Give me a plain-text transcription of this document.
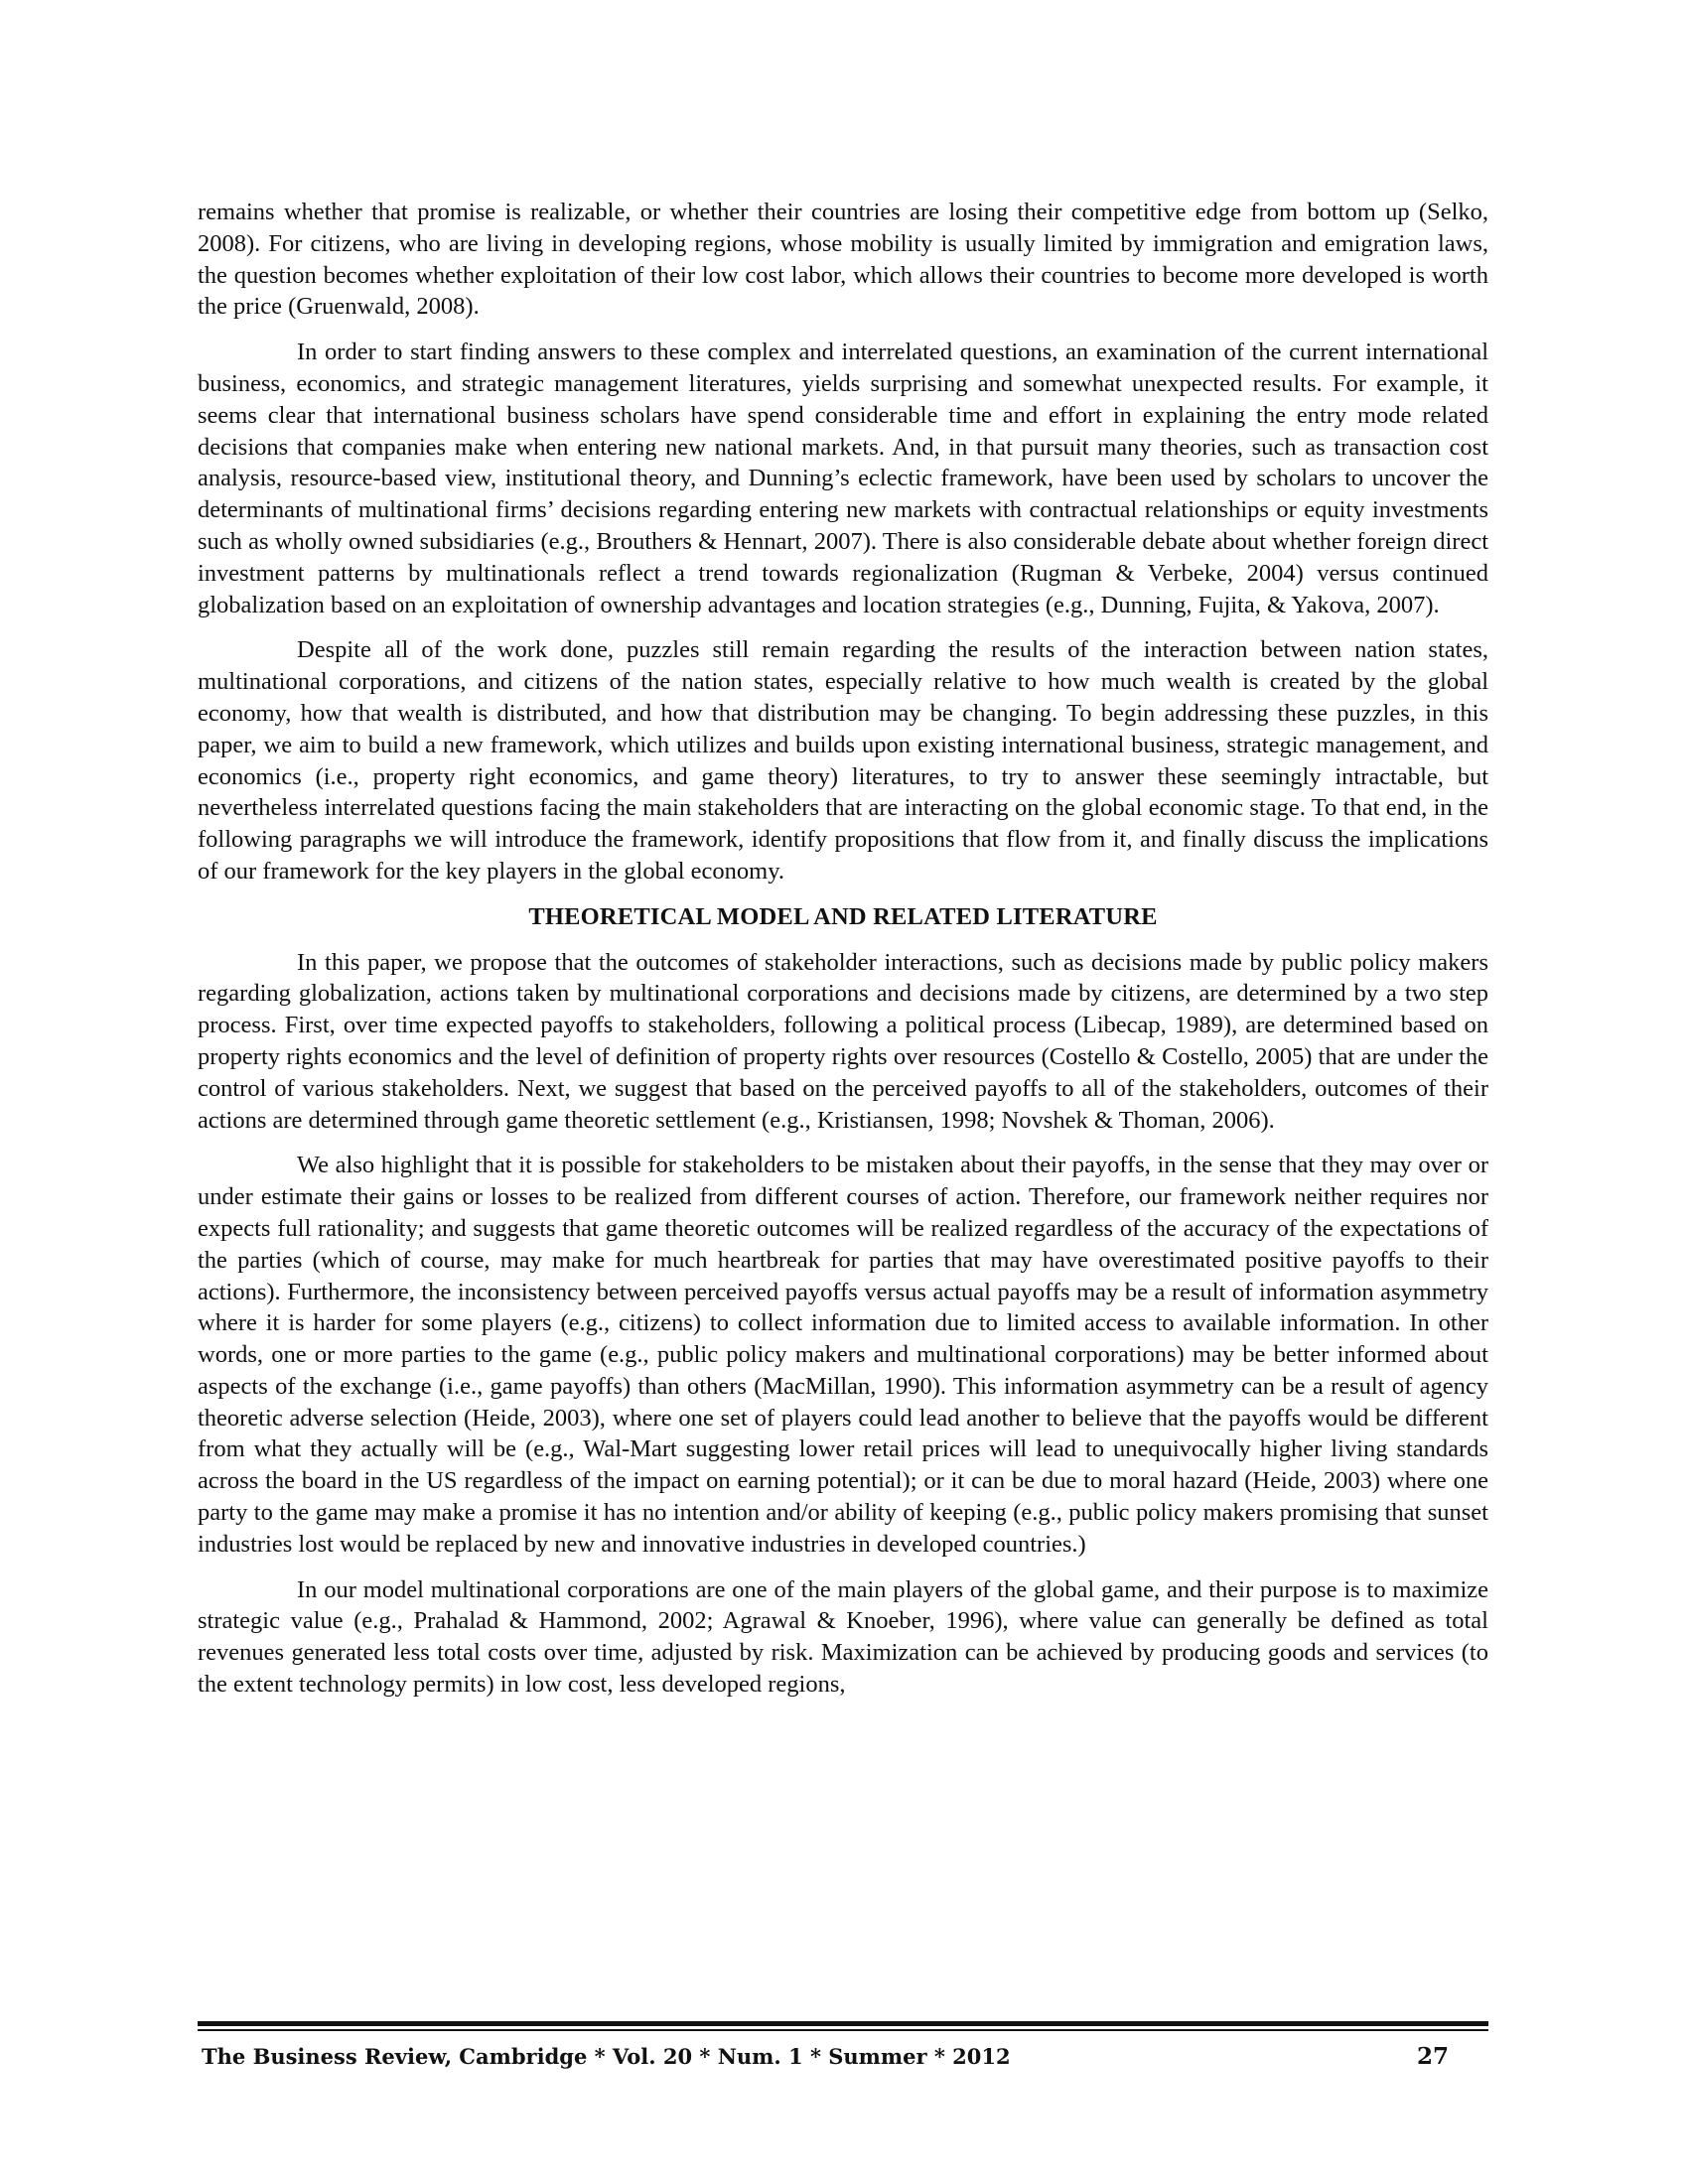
remains whether that promise is realizable, or whether their countries are losing their competitive edge from bottom up (Selko, 2008). For citizens, who are living in developing regions, whose mobility is usually limited by immigration and emigration laws, the question becomes whether exploitation of their low cost labor, which allows their countries to become more developed is worth the price (Gruenwald, 2008).

In order to start finding answers to these complex and interrelated questions, an examination of the current international business, economics, and strategic management literatures, yields surprising and somewhat unexpected results. For example, it seems clear that international business scholars have spend considerable time and effort in explaining the entry mode related decisions that companies make when entering new national markets. And, in that pursuit many theories, such as transaction cost analysis, resource-based view, institutional theory, and Dunning’s eclectic framework, have been used by scholars to uncover the determinants of multinational firms’ decisions regarding entering new markets with contractual relationships or equity investments such as wholly owned subsidiaries (e.g., Brouthers & Hennart, 2007). There is also considerable debate about whether foreign direct investment patterns by multinationals reflect a trend towards regionalization (Rugman & Verbeke, 2004) versus continued globalization based on an exploitation of ownership advantages and location strategies (e.g., Dunning, Fujita, & Yakova, 2007).

Despite all of the work done, puzzles still remain regarding the results of the interaction between nation states, multinational corporations, and citizens of the nation states, especially relative to how much wealth is created by the global economy, how that wealth is distributed, and how that distribution may be changing. To begin addressing these puzzles, in this paper, we aim to build a new framework, which utilizes and builds upon existing international business, strategic management, and economics (i.e., property right economics, and game theory) literatures, to try to answer these seemingly intractable, but nevertheless interrelated questions facing the main stakeholders that are interacting on the global economic stage. To that end, in the following paragraphs we will introduce the framework, identify propositions that flow from it, and finally discuss the implications of our framework for the key players in the global economy.

THEORETICAL MODEL AND RELATED LITERATURE

In this paper, we propose that the outcomes of stakeholder interactions, such as decisions made by public policy makers regarding globalization, actions taken by multinational corporations and decisions made by citizens, are determined by a two step process. First, over time expected payoffs to stakeholders, following a political process (Libecap, 1989), are determined based on property rights economics and the level of definition of property rights over resources (Costello & Costello, 2005) that are under the control of various stakeholders. Next, we suggest that based on the perceived payoffs to all of the stakeholders, outcomes of their actions are determined through game theoretic settlement (e.g., Kristiansen, 1998; Novshek & Thoman, 2006).

We also highlight that it is possible for stakeholders to be mistaken about their payoffs, in the sense that they may over or under estimate their gains or losses to be realized from different courses of action. Therefore, our framework neither requires nor expects full rationality; and suggests that game theoretic outcomes will be realized regardless of the accuracy of the expectations of the parties (which of course, may make for much heartbreak for parties that may have overestimated positive payoffs to their actions). Furthermore, the inconsistency between perceived payoffs versus actual payoffs may be a result of information asymmetry where it is harder for some players (e.g., citizens) to collect information due to limited access to available information. In other words, one or more parties to the game (e.g., public policy makers and multinational corporations) may be better informed about aspects of the exchange (i.e., game payoffs) than others (MacMillan, 1990). This information asymmetry can be a result of agency theoretic adverse selection (Heide, 2003), where one set of players could lead another to believe that the payoffs would be different from what they actually will be (e.g., Wal-Mart suggesting lower retail prices will lead to unequivocally higher living standards across the board in the US regardless of the impact on earning potential); or it can be due to moral hazard (Heide, 2003) where one party to the game may make a promise it has no intention and/or ability of keeping (e.g., public policy makers promising that sunset industries lost would be replaced by new and innovative industries in developed countries.)

In our model multinational corporations are one of the main players of the global game, and their purpose is to maximize strategic value (e.g., Prahalad & Hammond, 2002; Agrawal & Knoeber, 1996), where value can generally be defined as total revenues generated less total costs over time, adjusted by risk. Maximization can be achieved by producing goods and services (to the extent technology permits) in low cost, less developed regions,

The Business Review, Cambridge * Vol. 20 * Num. 1 * Summer * 2012	27
